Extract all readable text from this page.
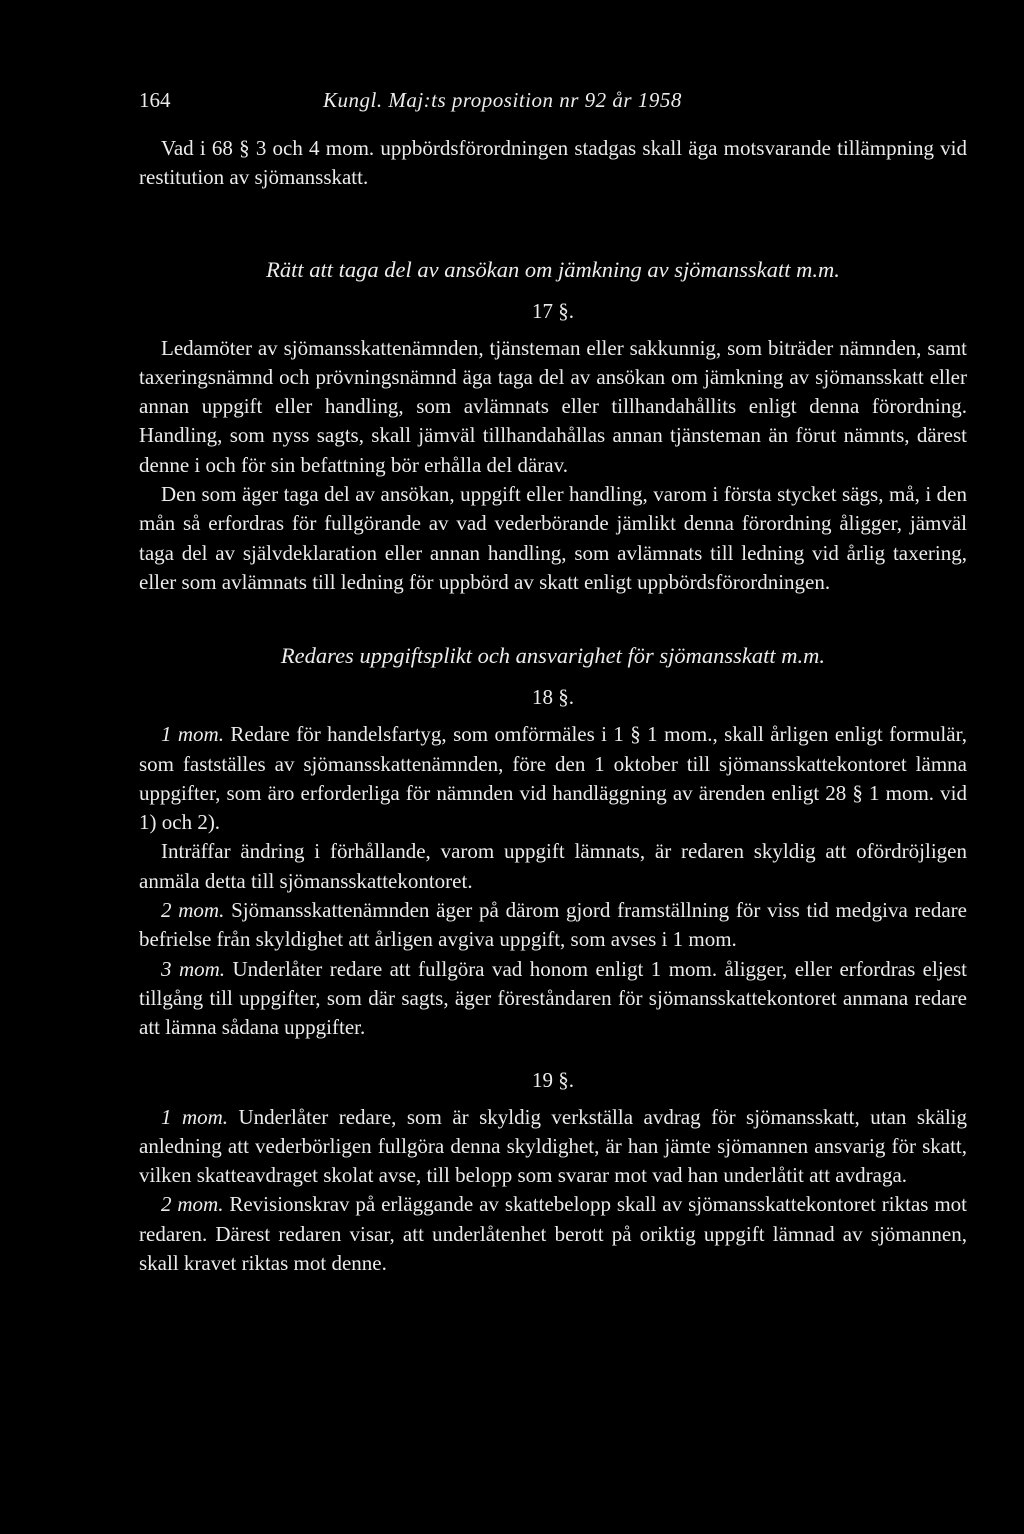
164	Kungl. Maj:ts proposition nr 92 år 1958

Vad i 68 § 3 och 4 mom. uppbördsförordningen stadgas skall äga motsvarande tillämpning vid restitution av sjömansskatt.

Rätt att taga del av ansökan om jämkning av sjömansskatt m.m.
17 §.

Ledamöter av sjömansskattenämnden, tjänsteman eller sakkunnig, som biträder nämnden, samt taxeringsnämnd och prövningsnämnd äga taga del av ansökan om jämkning av sjömansskatt eller annan uppgift eller handling, som avlämnats eller tillhandahållits enligt denna förordning. Handling, som nyss sagts, skall jämväl tillhandahållas annan tjänsteman än förut nämnts, därest denne i och för sin befattning bör erhålla del därav.

Den som äger taga del av ansökan, uppgift eller handling, varom i första stycket sägs, må, i den mån så erfordras för fullgörande av vad vederbörande jämlikt denna förordning åligger, jämväl taga del av självdeklaration eller annan handling, som avlämnats till ledning vid årlig taxering, eller som avlämnats till ledning för uppbörd av skatt enligt uppbördsförordningen.

Redares uppgiftsplikt och ansvarighet för sjömansskatt m.m.
18 §.

1 mom. Redare för handelsfartyg, som omförmäles i 1 § 1 mom., skall årligen enligt formulär, som fastställes av sjömansskattenämnden, före den 1 oktober till sjömansskattekontoret lämna uppgifter, som äro erforderliga för nämnden vid handläggning av ärenden enligt 28 § 1 mom. vid 1) och 2).

Inträffar ändring i förhållande, varom uppgift lämnats, är redaren skyldig att ofördröjligen anmäla detta till sjömansskattekontoret.

2 mom. Sjömansskattenämnden äger på därom gjord framställning för viss tid medgiva redare befrielse från skyldighet att årligen avgiva uppgift, som avses i 1 mom.

3 mom. Underlåter redare att fullgöra vad honom enligt 1 mom. åligger, eller erfordras eljest tillgång till uppgifter, som där sagts, äger föreståndaren för sjömansskattekontoret anmana redare att lämna sådana uppgifter.

19 §.

1 mom. Underlåter redare, som är skyldig verkställa avdrag för sjömansskatt, utan skälig anledning att vederbörligen fullgöra denna skyldighet, är han jämte sjömannen ansvarig för skatt, vilken skatteavdraget skolat avse, till belopp som svarar mot vad han underlåtit att avdraga.

2 mom. Revisionskrav på erläggande av skattebelopp skall av sjömansskattekontoret riktas mot redaren. Därest redaren visar, att underlåtenhet berott på oriktig uppgift lämnad av sjömannen, skall kravet riktas mot denne.
